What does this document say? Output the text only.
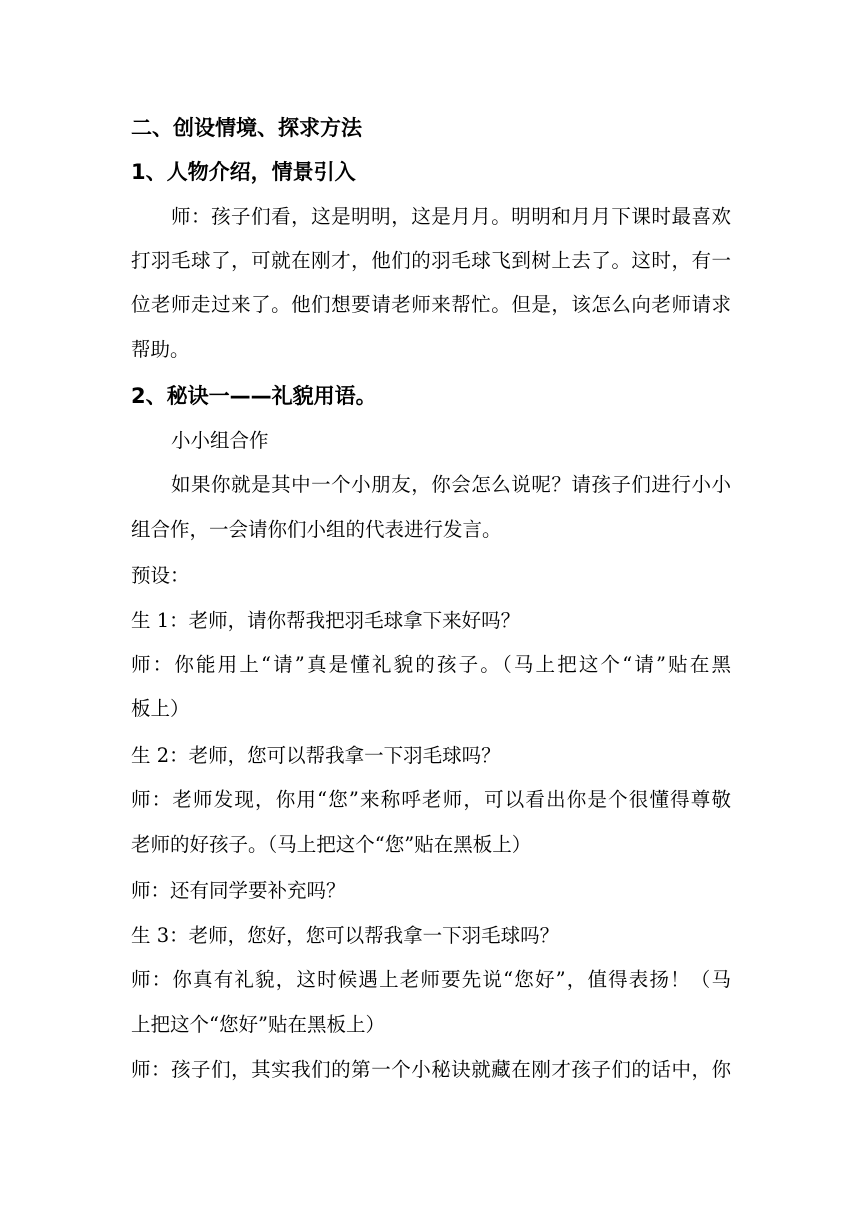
二、创设情境、探求方法
1、人物介绍，情景引入
师：孩子们看，这是明明，这是月月。明明和月月下课时最喜欢
打羽毛球了，可就在刚才，他们的羽毛球飞到树上去了。这时，有一
位老师走过来了。他们想要请老师来帮忙。但是，该怎么向老师请求
帮助。
2、秘诀一——礼貌用语。
小小组合作
如果你就是其中一个小朋友，你会怎么说呢？请孩子们进行小小
组合作，一会请你们小组的代表进行发言。
预设：
生 1：老师，请你帮我把羽毛球拿下来好吗？
师：你能用上“请”真是懂礼貌的孩子。（马上把这个“请”贴在黑
板上）
生 2：老师，您可以帮我拿一下羽毛球吗？
师：老师发现，你用“您”来称呼老师，可以看出你是个很懂得尊敬
老师的好孩子。（马上把这个“您”贴在黑板上）
师：还有同学要补充吗？
生 3：老师，您好，您可以帮我拿一下羽毛球吗？
师：你真有礼貌，这时候遇上老师要先说“您好”，值得表扬！（马
上把这个“您好”贴在黑板上）
师：孩子们，其实我们的第一个小秘诀就藏在刚才孩子们的话中，你
